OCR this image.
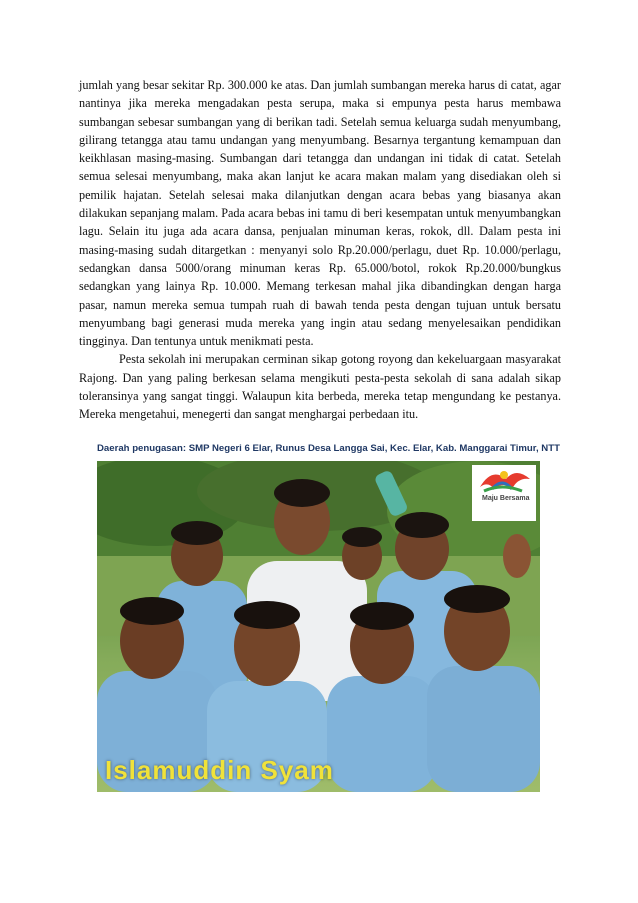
jumlah yang besar sekitar Rp. 300.000 ke atas. Dan jumlah sumbangan mereka harus di catat, agar nantinya jika mereka mengadakan pesta serupa, maka si empunya pesta harus membawa sumbangan sebesar sumbangan yang di berikan tadi. Setelah semua keluarga sudah menyumbang, gilirang tetangga atau tamu undangan yang menyumbang. Besarnya tergantung kemampuan dan keikhlasan masing-masing. Sumbangan dari tetangga dan undangan ini tidak di catat. Setelah semua selesai menyumbang, maka akan lanjut ke acara makan malam yang disediakan oleh si pemilik hajatan. Setelah selesai maka dilanjutkan dengan acara bebas yang biasanya akan dilakukan sepanjang malam. Pada acara bebas ini tamu di beri kesempatan untuk menyumbangkan lagu. Selain itu juga ada acara dansa, penjualan minuman keras, rokok, dll. Dalam pesta ini masing-masing sudah ditargetkan : menyanyi solo Rp.20.000/perlagu, duet Rp. 10.000/perlagu, sedangkan dansa 5000/orang minuman keras Rp. 65.000/botol, rokok Rp.20.000/bungkus sedangkan yang lainya Rp. 10.000. Memang terkesan mahal jika dibandingkan dengan harga pasar, namun mereka semua tumpah ruah di bawah tenda pesta dengan tujuan untuk bersatu menyumbang bagi generasi muda mereka yang ingin atau sedang menyelesaikan pendidikan tingginya. Dan tentunya untuk menikmati pesta.

Pesta sekolah ini merupakan cerminan sikap gotong royong dan kekeluargaan masyarakat Rajong. Dan yang paling berkesan selama mengikuti pesta-pesta sekolah di sana adalah sikap toleransinya yang sangat tinggi. Walaupun kita berbeda, mereka tetap mengundang ke pestanya. Mereka mengetahui, menegerti dan sangat menghargai perbedaan itu.

Daerah penugasan: SMP Negeri 6 Elar, Runus Desa Langga Sai, Kec. Elar, Kab. Manggarai Timur, NTT
Maju Bersama
Islamuddin Syam
